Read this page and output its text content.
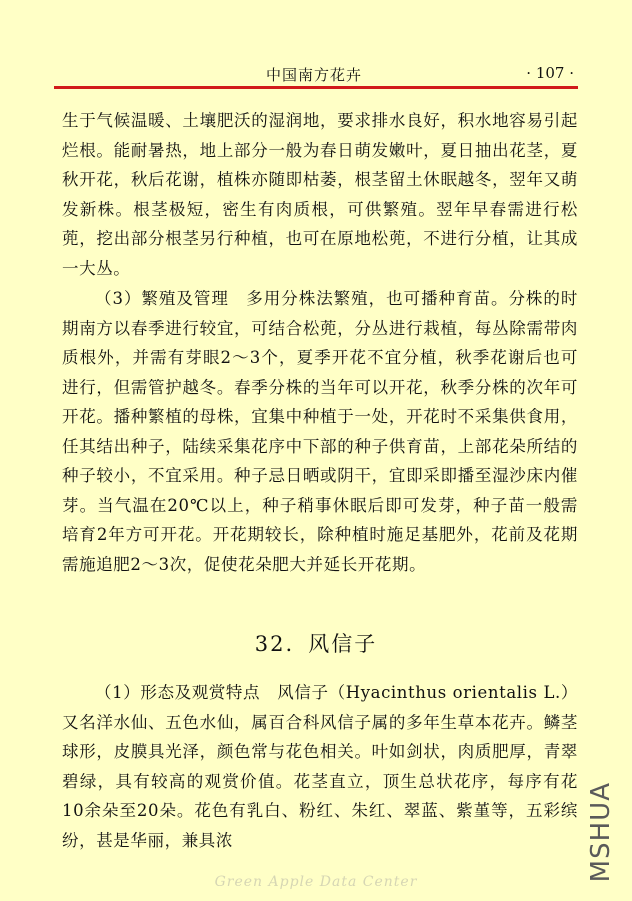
中国南方花卉	· 107 ·

生于气候温暖、土壤肥沃的湿润地，要求排水良好，积水地容易引起烂根。能耐暑热，地上部分一般为春日萌发嫩叶，夏日抽出花茎，夏秋开花，秋后花谢，植株亦随即枯萎，根茎留土休眠越冬，翌年又萌发新株。根茎极短，密生有肉质根，可供繁殖。翌年早春需进行松蔸，挖出部分根茎另行种植，也可在原地松蔸，不进行分植，让其成一大丛。

（3）繁殖及管理　多用分株法繁殖，也可播种育苗。分株的时期南方以春季进行较宜，可结合松蔸，分丛进行栽植，每丛除需带肉质根外，并需有芽眼2～3个，夏季开花不宜分植，秋季花谢后也可进行，但需管护越冬。春季分株的当年可以开花，秋季分株的次年可开花。播种繁植的母株，宜集中种植于一处，开花时不采集供食用，任其结出种子，陆续采集花序中下部的种子供育苗，上部花朵所结的种子较小，不宜采用。种子忌日晒或阴干，宜即采即播至湿沙床内催芽。当气温在20℃以上，种子稍事休眠后即可发芽，种子苗一般需培育2年方可开花。开花期较长，除种植时施足基肥外，花前及花期需施追肥2～3次，促使花朵肥大并延长开花期。

32. 风信子

（1）形态及观赏特点　风信子（Hyacinthus orientalis L.）又名洋水仙、五色水仙，属百合科风信子属的多年生草本花卉。鳞茎球形，皮膜具光泽，颜色常与花色相关。叶如剑状，肉质肥厚，青翠碧绿，具有较高的观赏价值。花茎直立，顶生总状花序，每序有花10余朵至20朵。花色有乳白、粉红、朱红、翠蓝、紫堇等，五彩缤纷，甚是华丽，兼具浓

Green Apple Data Center	MSHUA
